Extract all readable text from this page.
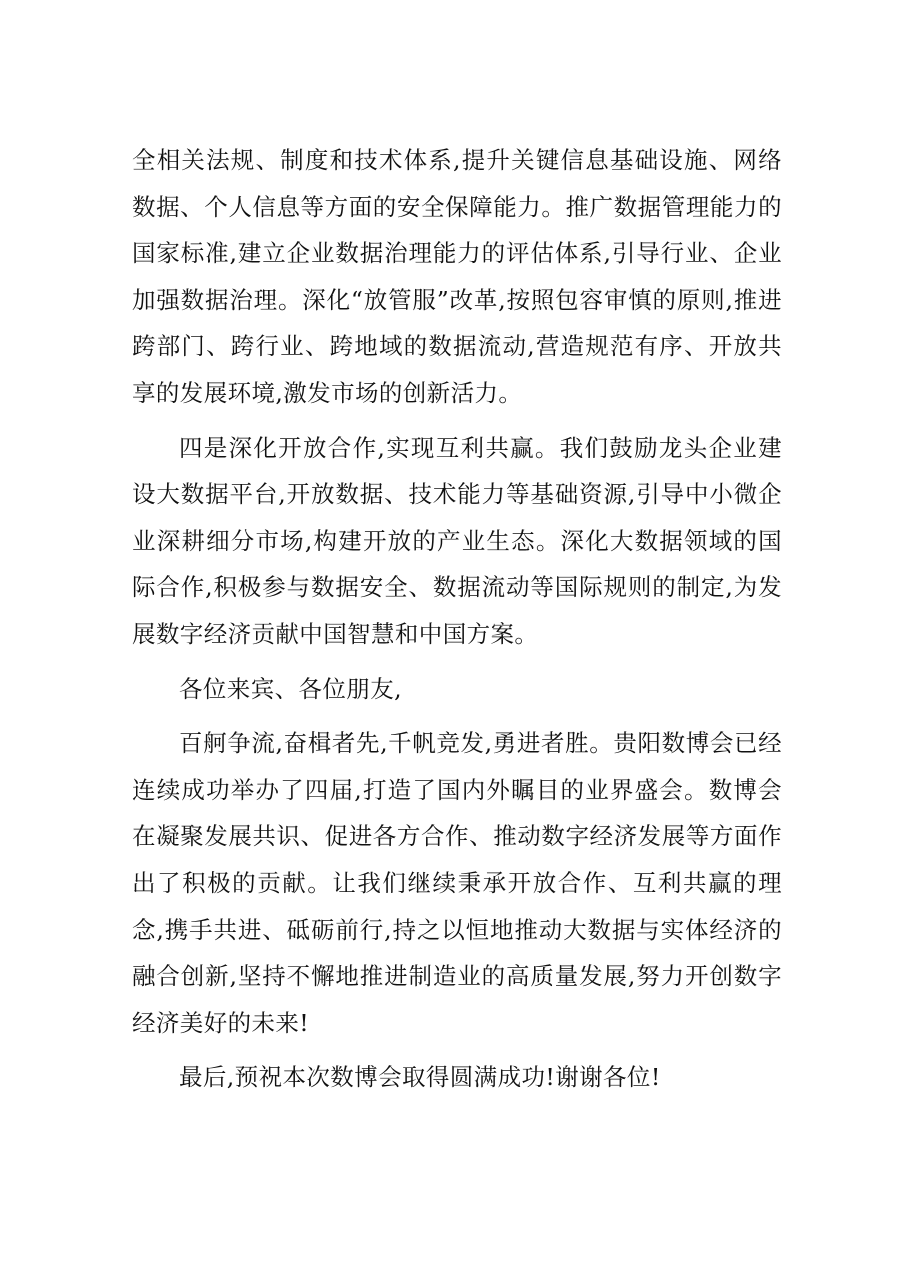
全相关法规、制度和技术体系,提升关键信息基础设施、网络数据、个人信息等方面的安全保障能力。推广数据管理能力的国家标准,建立企业数据治理能力的评估体系,引导行业、企业加强数据治理。深化“放管服”改革,按照包容审慎的原则,推进跨部门、跨行业、跨地域的数据流动,营造规范有序、开放共享的发展环境,激发市场的创新活力。

四是深化开放合作,实现互利共赢。我们鼓励龙头企业建设大数据平台,开放数据、技术能力等基础资源,引导中小微企业深耕细分市场,构建开放的产业生态。深化大数据领域的国际合作,积极参与数据安全、数据流动等国际规则的制定,为发展数字经济贡献中国智慧和中国方案。

各位来宾、各位朋友,

百舸争流,奋楫者先,千帆竞发,勇进者胜。贵阳数博会已经连续成功举办了四届,打造了国内外瞩目的业界盛会。数博会在凝聚发展共识、促进各方合作、推动数字经济发展等方面作出了积极的贡献。让我们继续秉承开放合作、互利共赢的理念,携手共进、砥砺前行,持之以恒地推动大数据与实体经济的融合创新,坚持不懈地推进制造业的高质量发展,努力开创数字经济美好的未来!

最后,预祝本次数博会取得圆满成功!谢谢各位!
